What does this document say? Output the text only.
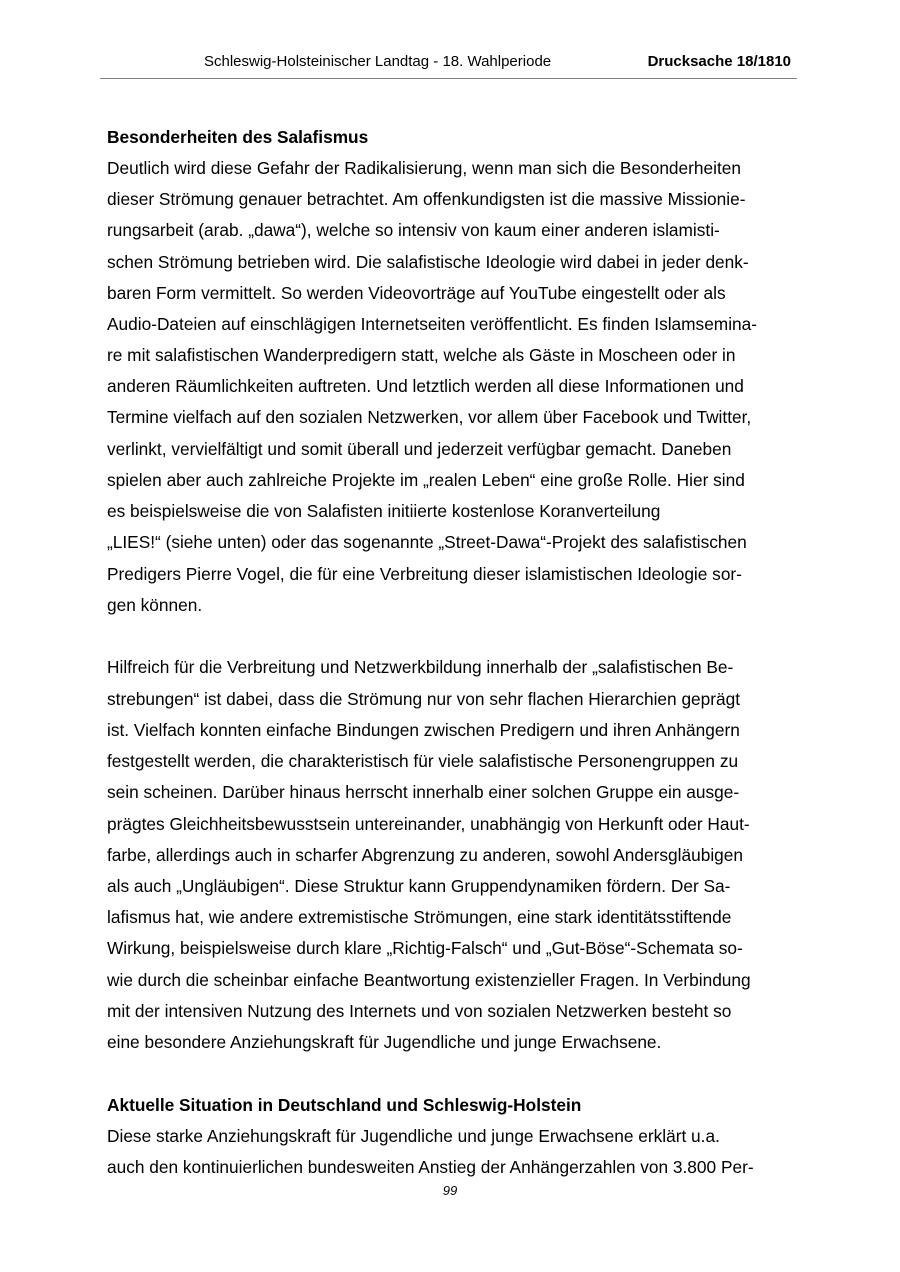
Schleswig-Holsteinischer Landtag - 18. Wahlperiode	Drucksache 18/1810
Besonderheiten des Salafismus
Deutlich wird diese Gefahr der Radikalisierung, wenn man sich die Besonderheiten
dieser Strömung genauer betrachtet. Am offenkundigsten ist die massive Missionie-
rungsarbeit (arab. „dawa“), welche so intensiv von kaum einer anderen islamisti-
schen Strömung betrieben wird. Die salafistische Ideologie wird dabei in jeder denk-
baren Form vermittelt. So werden Videovorträge auf YouTube eingestellt oder als
Audio-Dateien auf einschlägigen Internetseiten veröffentlicht. Es finden Islamsemina-
re mit salafistischen Wanderpredigern statt, welche als Gäste in Moscheen oder in
anderen Räumlichkeiten auftreten. Und letztlich werden all diese Informationen und
Termine vielfach auf den sozialen Netzwerken, vor allem über Facebook und Twitter,
verlinkt, vervielfältigt und somit überall und jederzeit verfügbar gemacht. Daneben
spielen aber auch zahlreiche Projekte im „realen Leben“ eine große Rolle. Hier sind
es beispielsweise die von Salafisten initiierte kostenlose Koranverteilung
„LIES!“ (siehe unten) oder das sogenannte „Street-Dawa“-Projekt des salafistischen
Predigers Pierre Vogel, die für eine Verbreitung dieser islamistischen Ideologie sor-
gen können.
Hilfreich für die Verbreitung und Netzwerkbildung innerhalb der „salafistischen Be-
strebungen“ ist dabei, dass die Strömung nur von sehr flachen Hierarchien geprägt
ist. Vielfach konnten einfache Bindungen zwischen Predigern und ihren Anhängern
festgestellt werden, die charakteristisch für viele salafistische Personengruppen zu
sein scheinen. Darüber hinaus herrscht innerhalb einer solchen Gruppe ein ausge-
prägtes Gleichheitsbewusstsein untereinander, unabhängig von Herkunft oder Haut-
farbe, allerdings auch in scharfer Abgrenzung zu anderen, sowohl Andersgläubigen
als auch „Ungläubigen“. Diese Struktur kann Gruppendynamiken fördern. Der Sa-
lafismus hat, wie andere extremistische Strömungen, eine stark identitätsstiftende
Wirkung, beispielsweise durch klare „Richtig-Falsch“ und „Gut-Böse“-Schemata so-
wie durch die scheinbar einfache Beantwortung existenzieller Fragen. In Verbindung
mit der intensiven Nutzung des Internets und von sozialen Netzwerken besteht so
eine besondere Anziehungskraft für Jugendliche und junge Erwachsene.
Aktuelle Situation in Deutschland und Schleswig-Holstein
Diese starke Anziehungskraft für Jugendliche und junge Erwachsene erklärt u.a.
auch den kontinuierlichen bundesweiten Anstieg der Anhängerzahlen von 3.800 Per-
99
